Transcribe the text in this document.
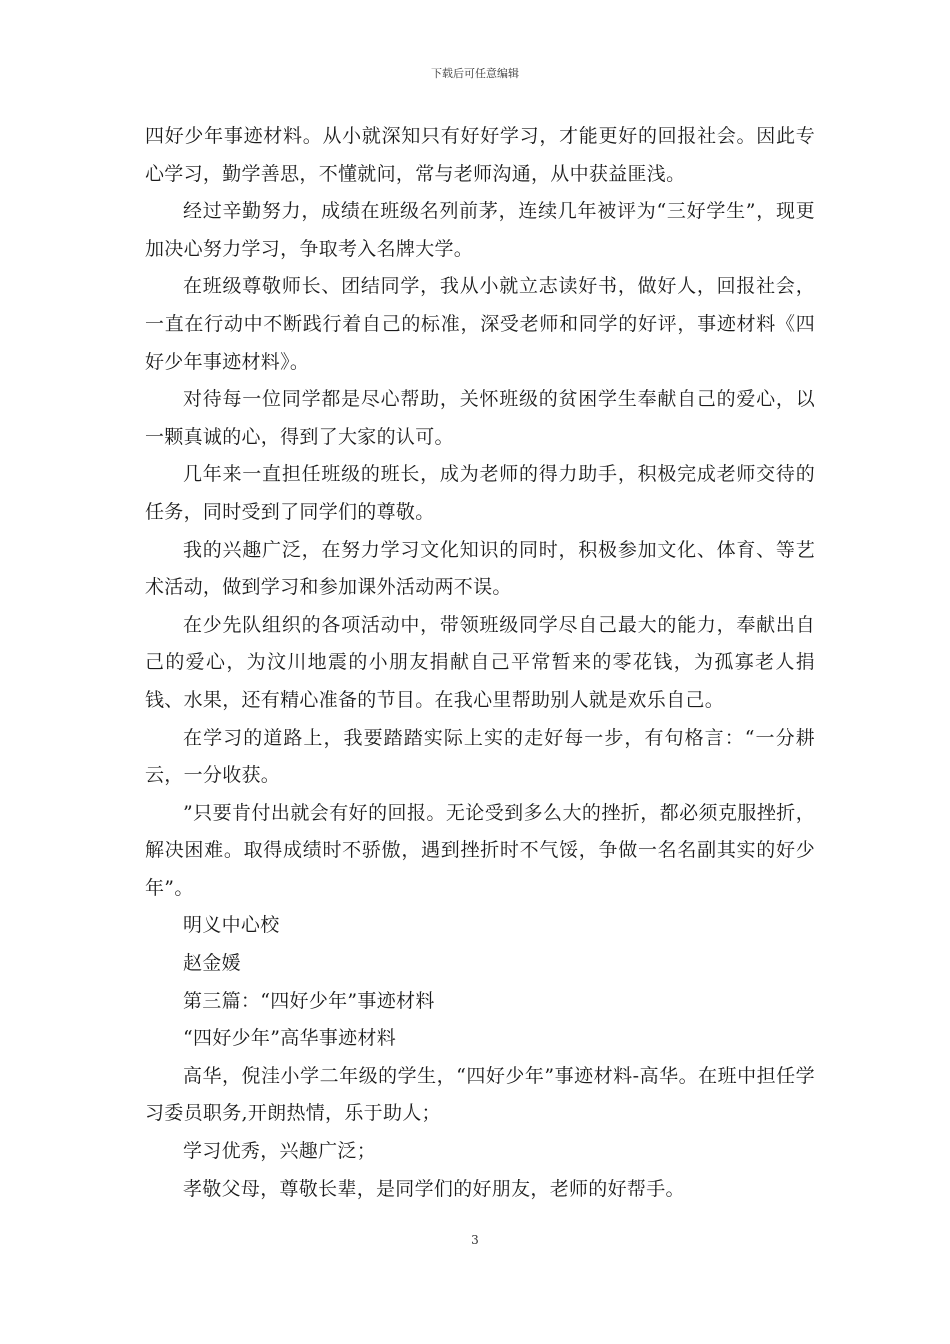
下载后可任意编辑

四好少年事迹材料。从小就深知只有好好学习，才能更好的回报社会。因此专心学习，勤学善思，不懂就问，常与老师沟通，从中获益匪浅。

经过辛勤努力，成绩在班级名列前茅，连续几年被评为“三好学生”，现更加决心努力学习，争取考入名牌大学。

在班级尊敬师长、团结同学，我从小就立志读好书，做好人，回报社会，一直在行动中不断践行着自己的标准，深受老师和同学的好评，事迹材料《四好少年事迹材料》。

对待每一位同学都是尽心帮助，关怀班级的贫困学生奉献自己的爱心，以一颗真诚的心，得到了大家的认可。

几年来一直担任班级的班长，成为老师的得力助手，积极完成老师交待的任务，同时受到了同学们的尊敬。

我的兴趣广泛，在努力学习文化知识的同时，积极参加文化、体育、等艺术活动，做到学习和参加课外活动两不误。

在少先队组织的各项活动中，带领班级同学尽自己最大的能力，奉献出自己的爱心，为汶川地震的小朋友捐献自己平常暂来的零花钱，为孤寡老人捐钱、水果，还有精心准备的节目。在我心里帮助别人就是欢乐自己。

在学习的道路上，我要踏踏实际上实的走好每一步，有句格言：“一分耕云，一分收获。

”只要肯付出就会有好的回报。无论受到多么大的挫折，都必须克服挫折，解决困难。取得成绩时不骄傲，遇到挫折时不气馁，争做一名名副其实的好少年”。

明义中心校

赵金媛

第三篇：“四好少年”事迹材料

“四好少年”高华事迹材料

高华，倪洼小学二年级的学生，“四好少年”事迹材料-高华。在班中担任学习委员职务,开朗热情，乐于助人；

学习优秀，兴趣广泛；

孝敬父母，尊敬长辈，是同学们的好朋友，老师的好帮手。

3
